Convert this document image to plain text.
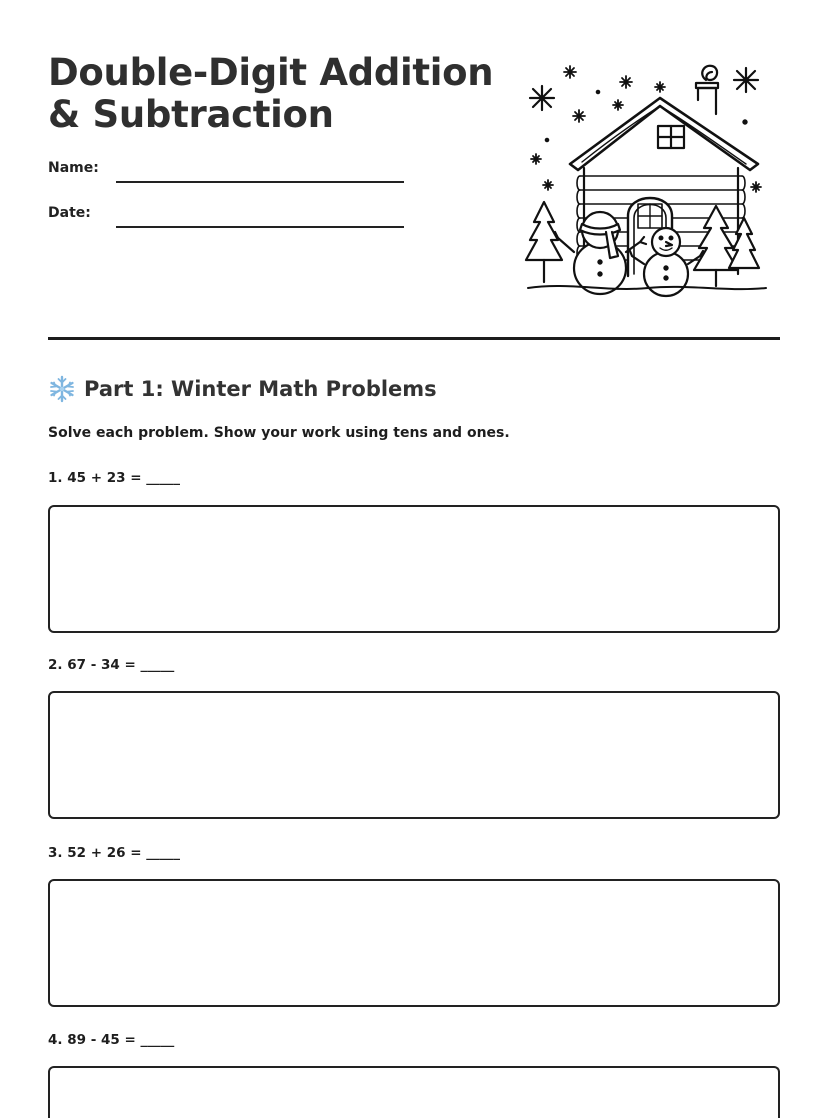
Double-Digit Addition
& Subtraction
Name:
Date:
Part 1: Winter Math Problems
Solve each problem. Show your work using tens and ones.
1. 45 + 23 = _____
2. 67 - 34 = _____
3. 52 + 26 = _____
4. 89 - 45 = _____
